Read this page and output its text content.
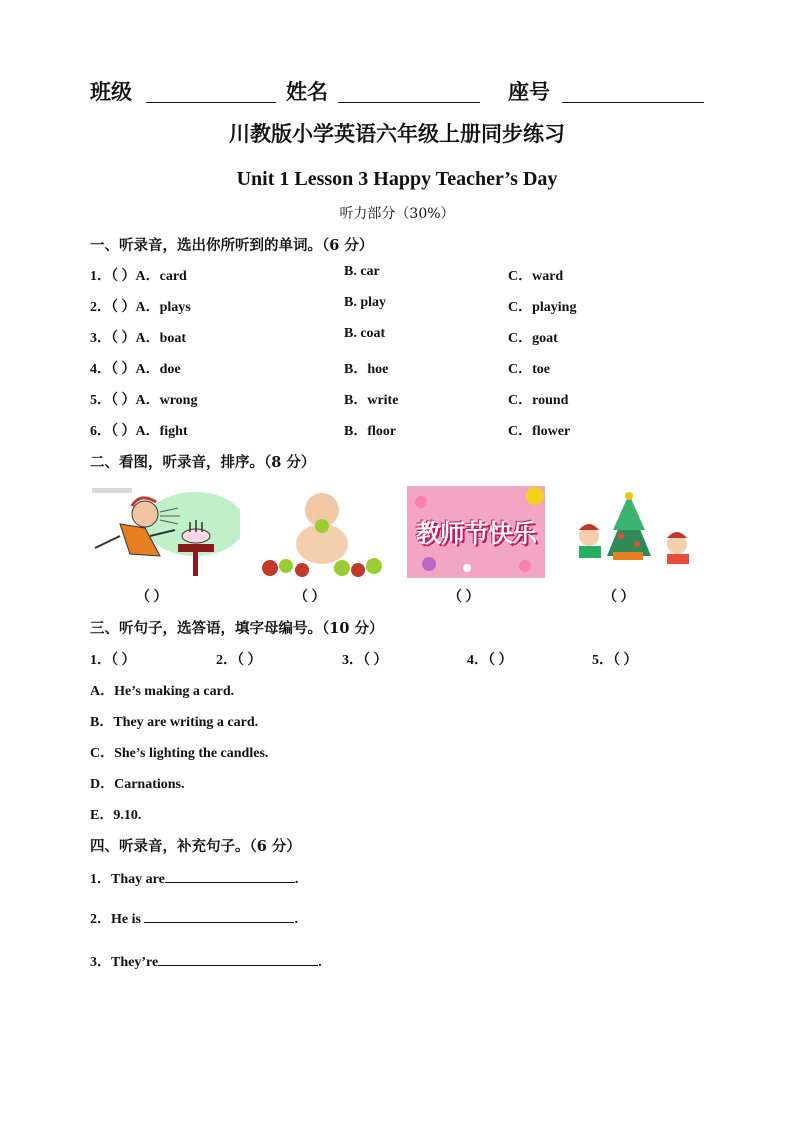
班级	姓名	座号
川教版小学英语六年级上册同步练习
Unit 1 Lesson 3 Happy Teacher’s Day
听力部分（30%）
一、听录音，选出你所听到的单词。（6 分）
1．（ ）A．card	B. car	C．ward
2．（ ）A．plays	B. play	C．playing
3．（ ）A．boat	B. coat	C．goat
4．（ ）A．doe	B．hoe	C．toe
5．（ ）A．wrong	B．write	C．round
6．（ ）A．fight	B．floor	C．flower
二、看图，听录音，排序。（8 分）
教师节快乐
（ ）	（ ）	（ ）	（ ）
三、听句子，选答语，填字母编号。（10 分）
1．（ ）	2．（ ）	3．（ ）	4．（ ）	5．（ ）
A．He’s making a card.
B．They are writing a card.
C．She’s lighting the candles.
D．Carnations.
E．9.10.
四、听录音，补充句子。（6 分）
1．Thay are	.
2．He is	.
3．They’re	.
